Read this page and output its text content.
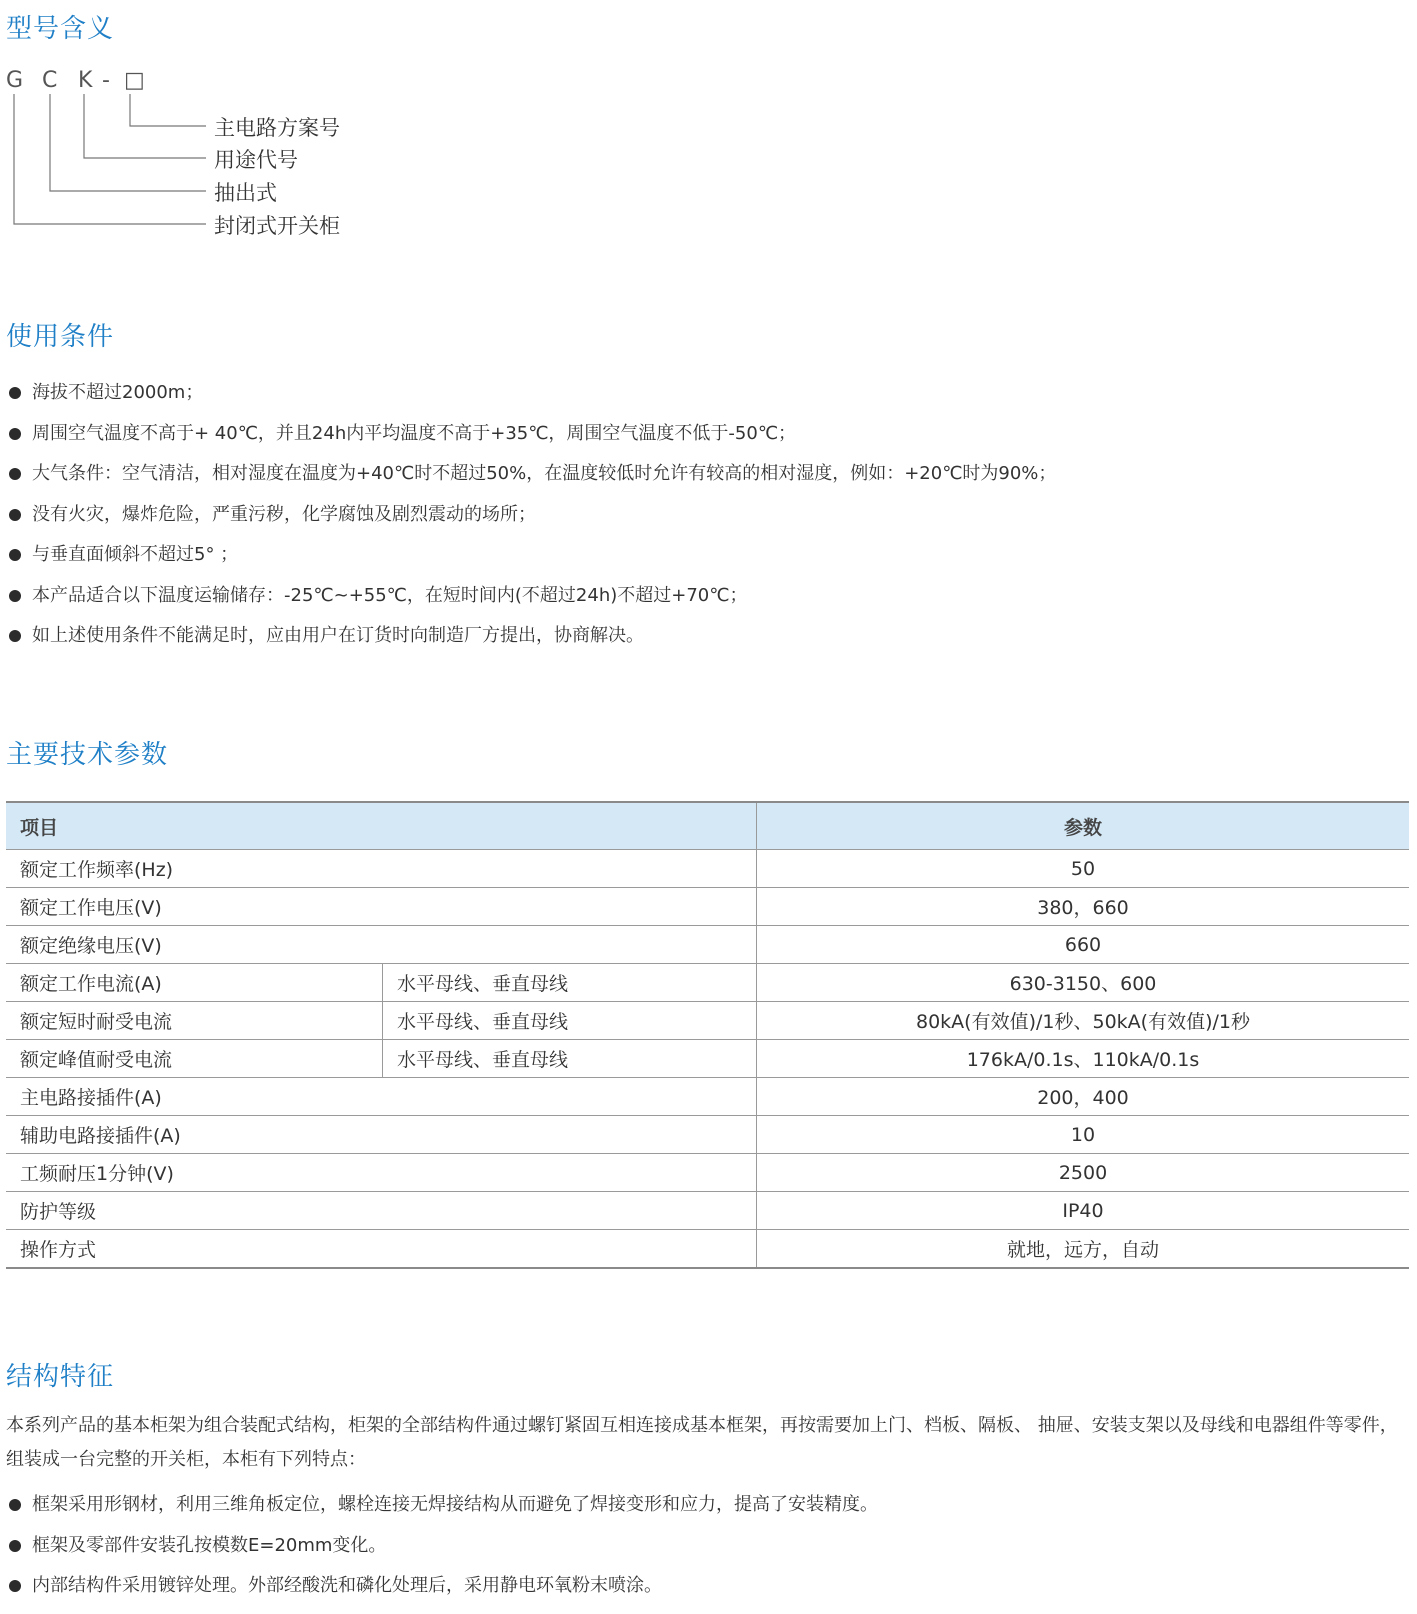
型号含义
G C K - □
主电路方案号
用途代号
抽出式
封闭式开关柜
使用条件
海拔不超过2000m；
周围空气温度不高于+ 40℃，并且24h内平均温度不高于+35℃，周围空气温度不低于-50℃；
大气条件：空气清洁，相对湿度在温度为+40℃时不超过50%，在温度较低时允许有较高的相对湿度，例如：+20℃时为90%；
没有火灾，爆炸危险，严重污秽，化学腐蚀及剧烈震动的场所；
与垂直面倾斜不超过5° ；
本产品适合以下温度运输储存：-25℃~+55℃，在短时间内(不超过24h)不超过+70℃；
如上述使用条件不能满足时，应由用户在订货时向制造厂方提出，协商解决。
主要技术参数
项目		参数
额定工作频率(Hz)		50
额定工作电压(V)		380，660
额定绝缘电压(V)		660
额定工作电流(A)	水平母线、垂直母线	630-3150、600
额定短时耐受电流	水平母线、垂直母线	80kA(有效值)/1秒、50kA(有效值)/1秒
额定峰值耐受电流	水平母线、垂直母线	176kA/0.1s、110kA/0.1s
主电路接插件(A)		200，400
辅助电路接插件(A)		10
工频耐压1分钟(V)		2500
防护等级		IP40
操作方式		就地，远方，自动
结构特征

本系列产品的基本柜架为组合装配式结构，柜架的全部结构件通过螺钉紧固互相连接成基本框架，再按需要加上门、档板、隔板、 抽屉、安装支架以及母线和电器组件等零件，组装成一台完整的开关柜，本柜有下列特点：

框架采用形钢材，利用三维角板定位，螺栓连接无焊接结构从而避免了焊接变形和应力，提高了安装精度。
框架及零部件安装孔按模数E=20mm变化。
内部结构件采用镀锌处理。外部经酸洗和磷化处理后，采用静电环氧粉末喷涂。
